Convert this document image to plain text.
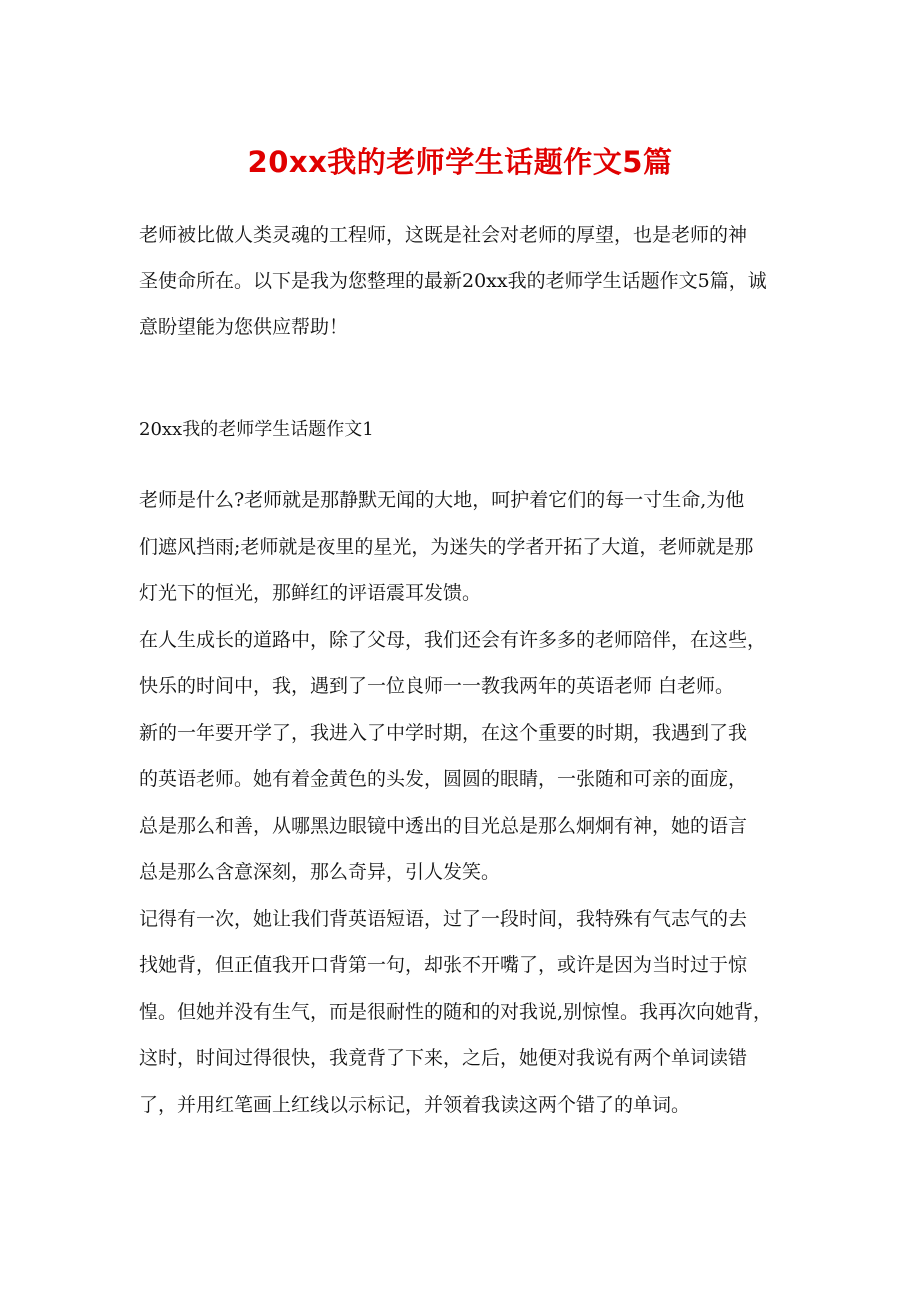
20xx我的老师学生话题作文5篇
老师被比做人类灵魂的工程师，这既是社会对老师的厚望，也是老师的神
圣使命所在。以下是我为您整理的最新20xx我的老师学生话题作文5篇，诚
意盼望能为您供应帮助！
20xx我的老师学生话题作文1
老师是什么?老师就是那静默无闻的大地，呵护着它们的每一寸生命,为他
们遮风挡雨;老师就是夜里的星光，为迷失的学者开拓了大道，老师就是那
灯光下的恒光，那鲜红的评语震耳发馈。
在人生成长的道路中，除了父母，我们还会有许多多的老师陪伴，在这些，
快乐的时间中，我，遇到了一位良师一一教我两年的英语老师 白老师。
新的一年要开学了，我进入了中学时期，在这个重要的时期，我遇到了我
的英语老师。她有着金黄色的头发，圆圆的眼睛，一张随和可亲的面庞，
总是那么和善，从哪黑边眼镜中透出的目光总是那么炯炯有神，她的语言
总是那么含意深刻，那么奇异，引人发笑。
记得有一次，她让我们背英语短语，过了一段时间，我特殊有气志气的去
找她背，但正值我开口背第一句，却张不开嘴了，或许是因为当时过于惊
惶。但她并没有生气，而是很耐性的随和的对我说,别惊惶。我再次向她背，
这时，时间过得很快，我竟背了下来，之后，她便对我说有两个单词读错
了，并用红笔画上红线以示标记，并领着我读这两个错了的单词。
